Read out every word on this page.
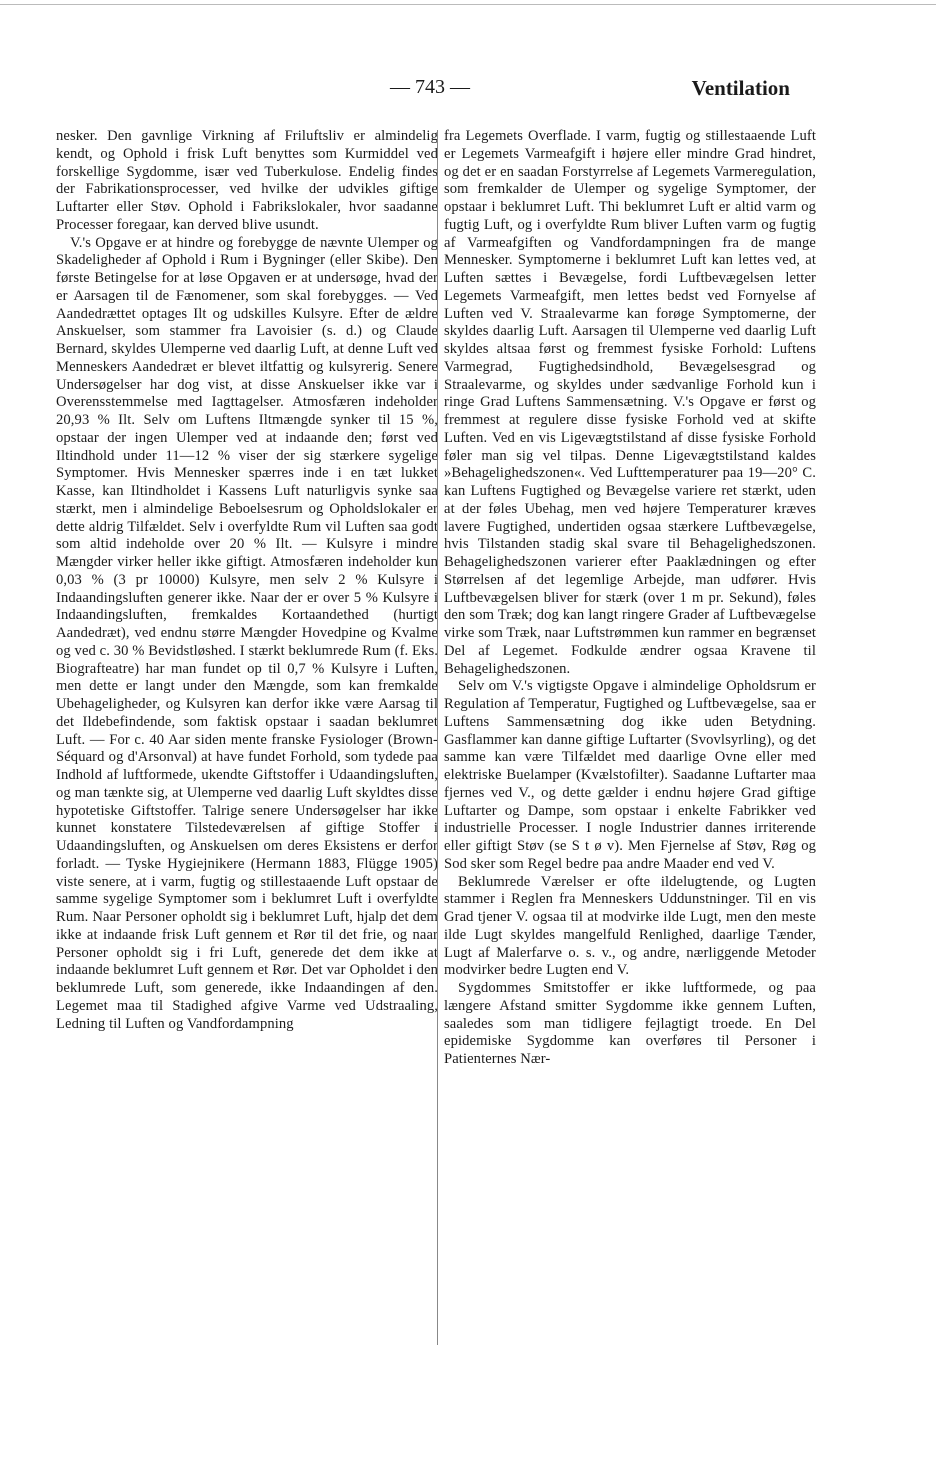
— 743 —	Ventilation

nesker. Den gavnlige Virkning af Friluftsliv er almindelig kendt, og Ophold i frisk Luft benyttes som Kurmiddel ved forskellige Sygdomme, især ved Tuberkulose. Endelig findes der Fabrikationsprocesser, ved hvilke der udvikles giftige Luftarter eller Støv. Ophold i Fabrikslokaler, hvor saadanne Processer foregaar, kan derved blive usundt.

V.'s Opgave er at hindre og forebygge de nævnte Ulemper og Skadeligheder af Ophold i Rum i Bygninger (eller Skibe). Den første Betingelse for at løse Opgaven er at undersøge, hvad der er Aarsagen til de Fænomener, som skal forebygges. — Ved Aandedrættet optages Ilt og udskilles Kulsyre. Efter de ældre Anskuelser, som stammer fra Lavoisier (s. d.) og Claude Bernard, skyldes Ulemperne ved daarlig Luft, at denne Luft ved Menneskers Aandedræt er blevet iltfattig og kulsyrerig. Senere Undersøgelser har dog vist, at disse Anskuelser ikke var i Overensstemmelse med Iagttagelser. Atmosfæren indeholder 20,93 % Ilt. Selv om Luftens Iltmængde synker til 15 %, opstaar der ingen Ulemper ved at indaande den; først ved Iltindhold under 11—12 % viser der sig stærkere sygelige Symptomer. Hvis Mennesker spærres inde i en tæt lukket Kasse, kan Iltindholdet i Kassens Luft naturligvis synke saa stærkt, men i almindelige Beboelsesrum og Opholdslokaler er dette aldrig Tilfældet. Selv i overfyldte Rum vil Luften saa godt som altid indeholde over 20 % Ilt. — Kulsyre i mindre Mængder virker heller ikke giftigt. Atmosfæren indeholder kun 0,03 % (3 pr 10000) Kulsyre, men selv 2 % Kulsyre i Indaandingsluften generer ikke. Naar der er over 5 % Kulsyre i Indaandingsluften, fremkaldes Kortaandethed (hurtigt Aandedræt), ved endnu større Mængder Hovedpine og Kvalme og ved c. 30 % Bevidstløshed. I stærkt beklumrede Rum (f. Eks. Biografteatre) har man fundet op til 0,7 % Kulsyre i Luften, men dette er langt under den Mængde, som kan fremkalde Ubehageligheder, og Kulsyren kan derfor ikke være Aarsag til det Ildebefindende, som faktisk opstaar i saadan beklumret Luft. — For c. 40 Aar siden mente franske Fysiologer (Brown-Séquard og d'Arsonval) at have fundet Forhold, som tydede paa Indhold af luftformede, ukendte Giftstoffer i Udaandingsluften, og man tænkte sig, at Ulemperne ved daarlig Luft skyldtes disse hypotetiske Giftstoffer. Talrige senere Undersøgelser har ikke kunnet konstatere Tilstedeværelsen af giftige Stoffer i Udaandingsluften, og Anskuelsen om deres Eksistens er derfor forladt. — Tyske Hygiejnikere (Hermann 1883, Flügge 1905) viste senere, at i varm, fugtig og stillestaaende Luft opstaar de samme sygelige Symptomer som i beklumret Luft i overfyldte Rum. Naar Personer opholdt sig i beklumret Luft, hjalp det dem ikke at indaande frisk Luft gennem et Rør til det frie, og naar Personer opholdt sig i fri Luft, generede det dem ikke at indaande beklumret Luft gennem et Rør. Det var Opholdet i den beklumrede Luft, som generede, ikke Indaandingen af den. Legemet maa til Stadighed afgive Varme ved Udstraaling, Ledning til Luften og Vandfordampning

fra Legemets Overflade. I varm, fugtig og stillestaaende Luft er Legemets Varmeafgift i højere eller mindre Grad hindret, og det er en saadan Forstyrrelse af Legemets Varmeregulation, som fremkalder de Ulemper og sygelige Symptomer, der opstaar i beklumret Luft. Thi beklumret Luft er altid varm og fugtig Luft, og i overfyldte Rum bliver Luften varm og fugtig af Varmeafgiften og Vandfordampningen fra de mange Mennesker. Symptomerne i beklumret Luft kan lettes ved, at Luften sættes i Bevægelse, fordi Luftbevægelsen letter Legemets Varmeafgift, men lettes bedst ved Fornyelse af Luften ved V. Straalevarme kan forøge Symptomerne, der skyldes daarlig Luft. Aarsagen til Ulemperne ved daarlig Luft skyldes altsaa først og fremmest fysiske Forhold: Luftens Varmegrad, Fugtighedsindhold, Bevægelsesgrad og Straalevarme, og skyldes under sædvanlige Forhold kun i ringe Grad Luftens Sammensætning. V.'s Opgave er først og fremmest at regulere disse fysiske Forhold ved at skifte Luften. Ved en vis Ligevægtstilstand af disse fysiske Forhold føler man sig vel tilpas. Denne Ligevægtstilstand kaldes »Behagelighedszonen«. Ved Lufttemperaturer paa 19—20° C. kan Luftens Fugtighed og Bevægelse variere ret stærkt, uden at der føles Ubehag, men ved højere Temperaturer kræves lavere Fugtighed, undertiden ogsaa stærkere Luftbevægelse, hvis Tilstanden stadig skal svare til Behagelighedszonen. Behagelighedszonen varierer efter Paaklædningen og efter Størrelsen af det legemlige Arbejde, man udfører. Hvis Luftbevægelsen bliver for stærk (over 1 m pr. Sekund), føles den som Træk; dog kan langt ringere Grader af Luftbevægelse virke som Træk, naar Luftstrømmen kun rammer en begrænset Del af Legemet. Fodkulde ændrer ogsaa Kravene til Behagelighedszonen.

Selv om V.'s vigtigste Opgave i almindelige Opholdsrum er Regulation af Temperatur, Fugtighed og Luftbevægelse, saa er Luftens Sammensætning dog ikke uden Betydning. Gasflammer kan danne giftige Luftarter (Svovlsyrling), og det samme kan være Tilfældet med daarlige Ovne eller med elektriske Buelamper (Kvælstofilter). Saadanne Luftarter maa fjernes ved V., og dette gælder i endnu højere Grad giftige Luftarter og Dampe, som opstaar i enkelte Fabrikker ved industrielle Processer. I nogle Industrier dannes irriterende eller giftigt Støv (se S t ø v). Men Fjernelse af Støv, Røg og Sod sker som Regel bedre paa andre Maader end ved V.

Beklumrede Værelser er ofte ildelugtende, og Lugten stammer i Reglen fra Menneskers Uddunstninger. Til en vis Grad tjener V. ogsaa til at modvirke ilde Lugt, men den meste ilde Lugt skyldes mangelfuld Renlighed, daarlige Tænder, Lugt af Malerfarve o. s. v., og andre, nærliggende Metoder modvirker bedre Lugten end V.

Sygdommes Smitstoffer er ikke luftformede, og paa længere Afstand smitter Sygdomme ikke gennem Luften, saaledes som man tidligere fejlagtigt troede. En Del epidemiske Sygdomme kan overføres til Personer i Patienternes Nær-
